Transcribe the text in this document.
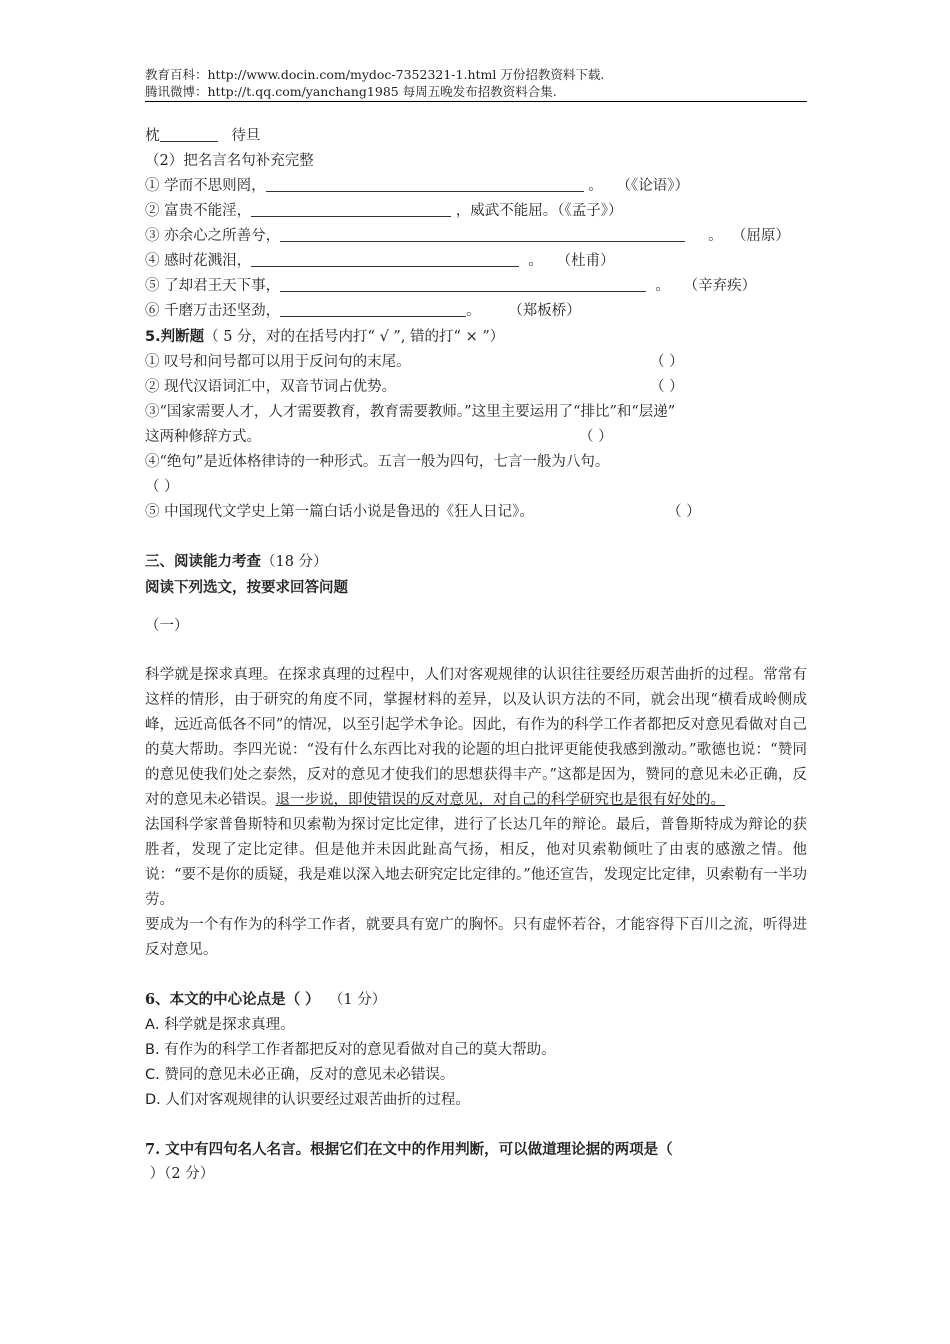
教育百科：http://www.docin.com/mydoc-7352321-1.html 万份招教资料下载.
腾讯微博：http://t.qq.com/yanchang1985 每周五晚发布招教资料合集.
枕	待旦
（2）把名言名句补充完整
① 学而不思则罔，	。 （《论语》）
② 富贵不能淫，	，威武不能屈。（《孟子》）
③ 亦余心之所善兮，	。 （屈原）
④ 感时花溅泪，	。 （杜甫）
⑤ 了却君王天下事，	。 （辛弃疾）
⑥ 千磨万击还坚劲，	。 （郑板桥）
5.判断题（ 5 分，对的在括号内打“ √ ”, 错的打“ × ”）
① 叹号和问号都可以用于反问句的末尾。	（ ）
② 现代汉语词汇中，双音节词占优势。	（ ）
③“国家需要人才，人才需要教育，教育需要教师。”这里主要运用了“排比”和“层递”
这两种修辞方式。	（ ）
④“绝句”是近体格律诗的一种形式。五言一般为四句，七言一般为八句。
（ ）
⑤ 中国现代文学史上第一篇白话小说是鲁迅的《狂人日记》。	（ ）
三、阅读能力考查（18 分）
阅读下列选文，按要求回答问题
（一）
科学就是探求真理。在探求真理的过程中，人们对客观规律的认识往往要经历艰苦曲折的过程。常常有这样的情形，由于研究的角度不同，掌握材料的差异，以及认识方法的不同，就会出现“横看成岭侧成峰，远近高低各不同”的情况，以至引起学术争论。因此，有作为的科学工作者都把反对意见看做对自己的莫大帮助。李四光说：“没有什么东西比对我的论题的坦白批评更能使我感到激动。”歌德也说：“赞同的意见使我们处之泰然，反对的意见才使我们的思想获得丰产。”这都是因为，赞同的意见未必正确，反对的意见未必错误。退一步说，即使错误的反对意见，对自己的科学研究也是很有好处的。
法国科学家普鲁斯特和贝索勒为探讨定比定律，进行了长达几年的辩论。最后，普鲁斯特成为辩论的获胜者，发现了定比定律。但是他并未因此趾高气扬，相反，他对贝索勒倾吐了由衷的感激之情。他说：“要不是你的质疑，我是难以深入地去研究定比定律的。”他还宣告，发现定比定律，贝索勒有一半功劳。
要成为一个有作为的科学工作者，就要具有宽广的胸怀。只有虚怀若谷，才能容得下百川之流，听得进反对意见。
6、本文的中心论点是（ ） （1 分）
A. 科学就是探求真理。
B. 有作为的科学工作者都把反对的意见看做对自己的莫大帮助。
C. 赞同的意见未必正确，反对的意见未必错误。
D. 人们对客观规律的认识要经过艰苦曲折的过程。
7. 文中有四句名人名言。根据它们在文中的作用判断，可以做道理论据的两项是（
）（2 分）
